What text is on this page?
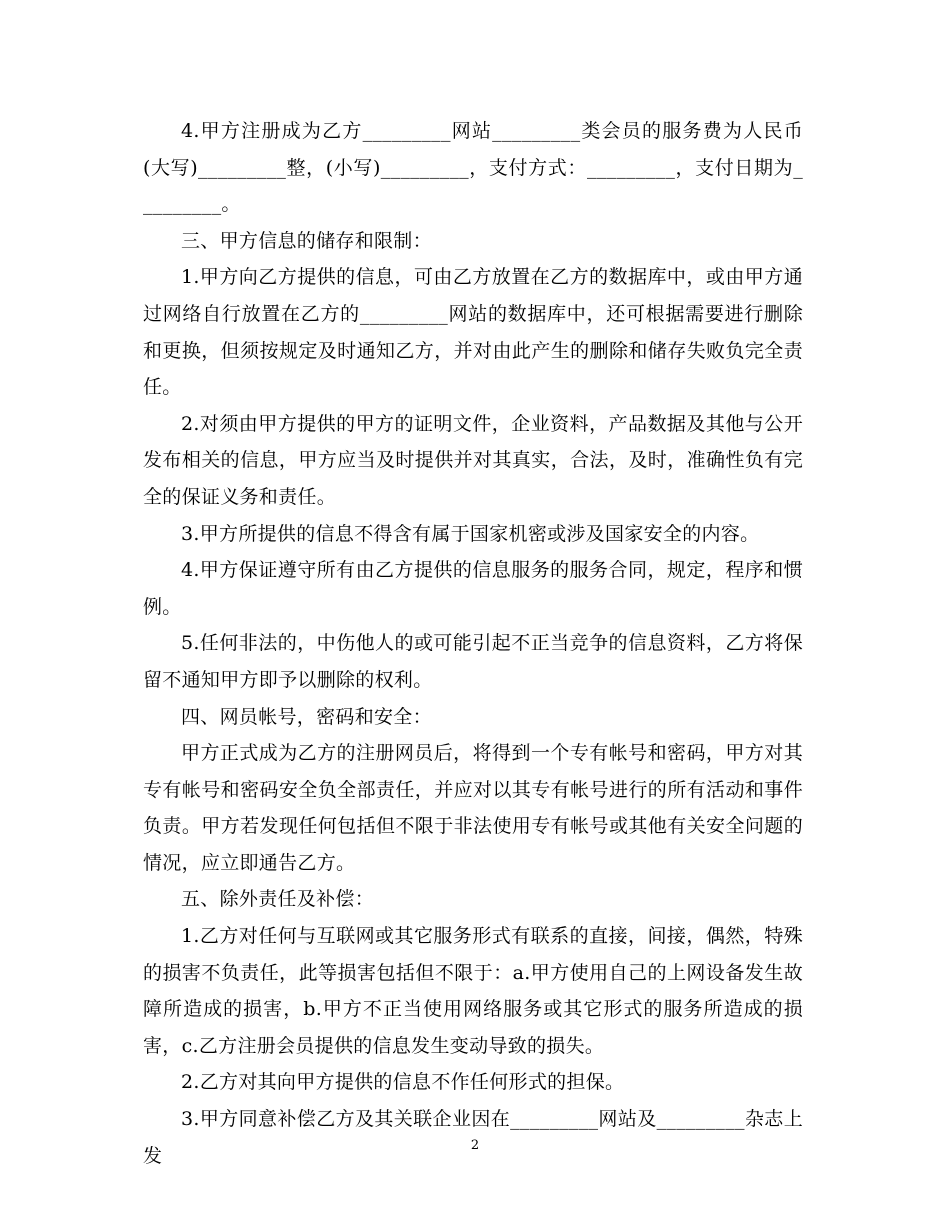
4.甲方注册成为乙方_________网站_________类会员的服务费为人民币(大写)_________整，(小写)_________，支付方式：_________，支付日期为_________。

三、甲方信息的储存和限制：

1.甲方向乙方提供的信息，可由乙方放置在乙方的数据库中，或由甲方通过网络自行放置在乙方的_________网站的数据库中，还可根据需要进行删除和更换，但须按规定及时通知乙方，并对由此产生的删除和储存失败负完全责任。

2.对须由甲方提供的甲方的证明文件，企业资料，产品数据及其他与公开发布相关的信息，甲方应当及时提供并对其真实，合法，及时，准确性负有完全的保证义务和责任。

3.甲方所提供的信息不得含有属于国家机密或涉及国家安全的内容。

4.甲方保证遵守所有由乙方提供的信息服务的服务合同，规定，程序和惯例。

5.任何非法的，中伤他人的或可能引起不正当竞争的信息资料，乙方将保留不通知甲方即予以删除的权利。

四、网员帐号，密码和安全：

甲方正式成为乙方的注册网员后，将得到一个专有帐号和密码，甲方对其专有帐号和密码安全负全部责任，并应对以其专有帐号进行的所有活动和事件负责。甲方若发现任何包括但不限于非法使用专有帐号或其他有关安全问题的情况，应立即通告乙方。

五、除外责任及补偿：

1.乙方对任何与互联网或其它服务形式有联系的直接，间接，偶然，特殊的损害不负责任，此等损害包括但不限于：a.甲方使用自己的上网设备发生故障所造成的损害，b.甲方不正当使用网络服务或其它形式的服务所造成的损害，c.乙方注册会员提供的信息发生变动导致的损失。

2.乙方对其向甲方提供的信息不作任何形式的担保。

3.甲方同意补偿乙方及其关联企业因在_________网站及_________杂志上发	2
